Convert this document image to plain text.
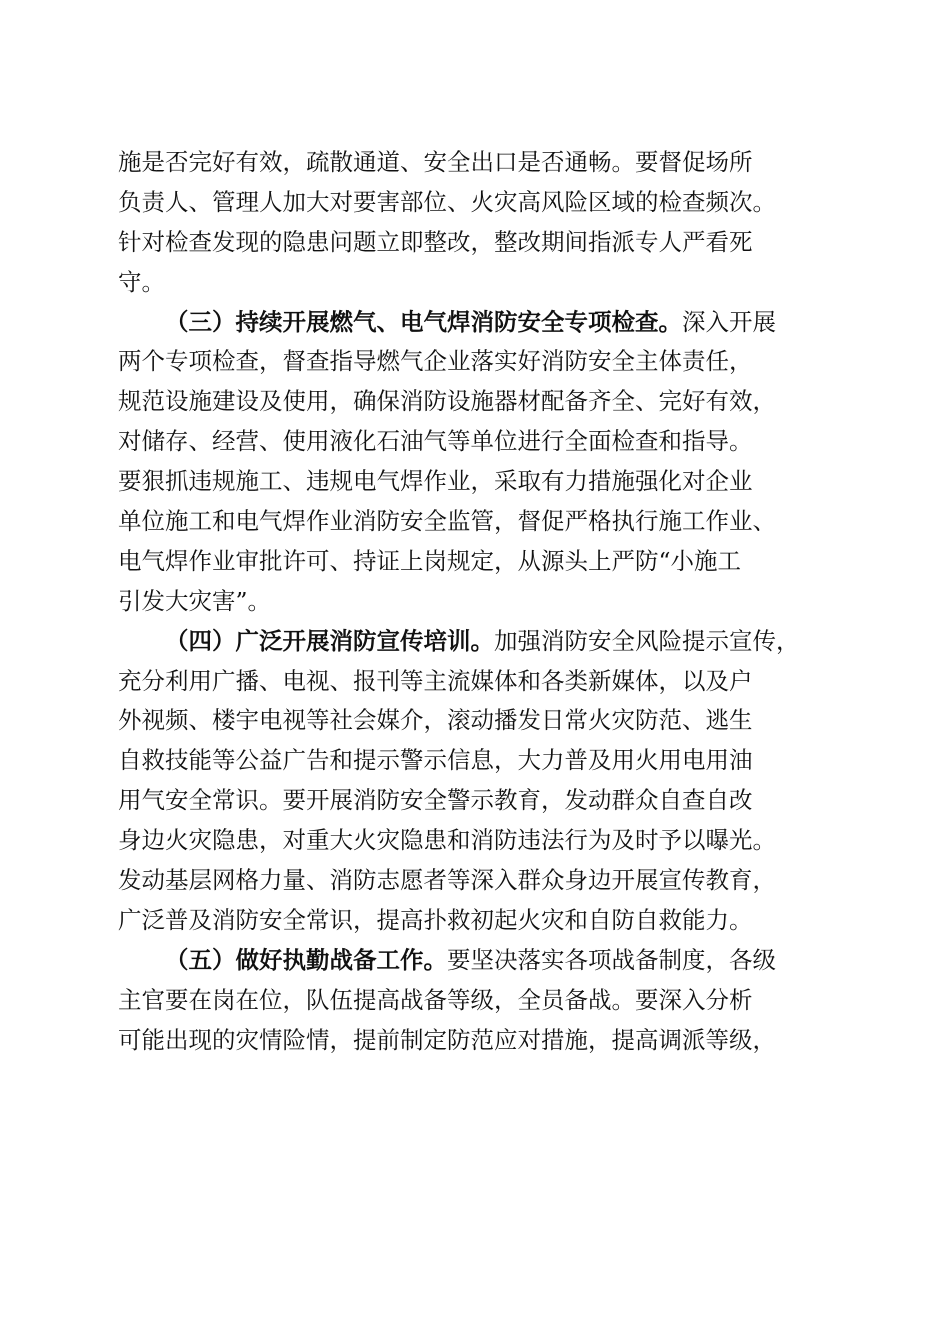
施是否完好有效，疏散通道、安全出口是否通畅。要督促场所
负责人、管理人加大对要害部位、火灾高风险区域的检查频次。
针对检查发现的隐患问题立即整改，整改期间指派专人严看死
守。
（三）持续开展燃气、电气焊消防安全专项检查。深入开展
两个专项检查，督查指导燃气企业落实好消防安全主体责任，
规范设施建设及使用，确保消防设施器材配备齐全、完好有效，
对储存、经营、使用液化石油气等单位进行全面检查和指导。
要狠抓违规施工、违规电气焊作业，采取有力措施强化对企业
单位施工和电气焊作业消防安全监管，督促严格执行施工作业、
电气焊作业审批许可、持证上岗规定，从源头上严防“小施工
引发大灾害”。
（四）广泛开展消防宣传培训。加强消防安全风险提示宣传，
充分利用广播、电视、报刊等主流媒体和各类新媒体，以及户
外视频、楼宇电视等社会媒介，滚动播发日常火灾防范、逃生
自救技能等公益广告和提示警示信息，大力普及用火用电用油
用气安全常识。要开展消防安全警示教育，发动群众自查自改
身边火灾隐患，对重大火灾隐患和消防违法行为及时予以曝光。
发动基层网格力量、消防志愿者等深入群众身边开展宣传教育，
广泛普及消防安全常识，提高扑救初起火灾和自防自救能力。
（五）做好执勤战备工作。要坚决落实各项战备制度，各级
主官要在岗在位，队伍提高战备等级，全员备战。要深入分析
可能出现的灾情险情，提前制定防范应对措施，提高调派等级，
